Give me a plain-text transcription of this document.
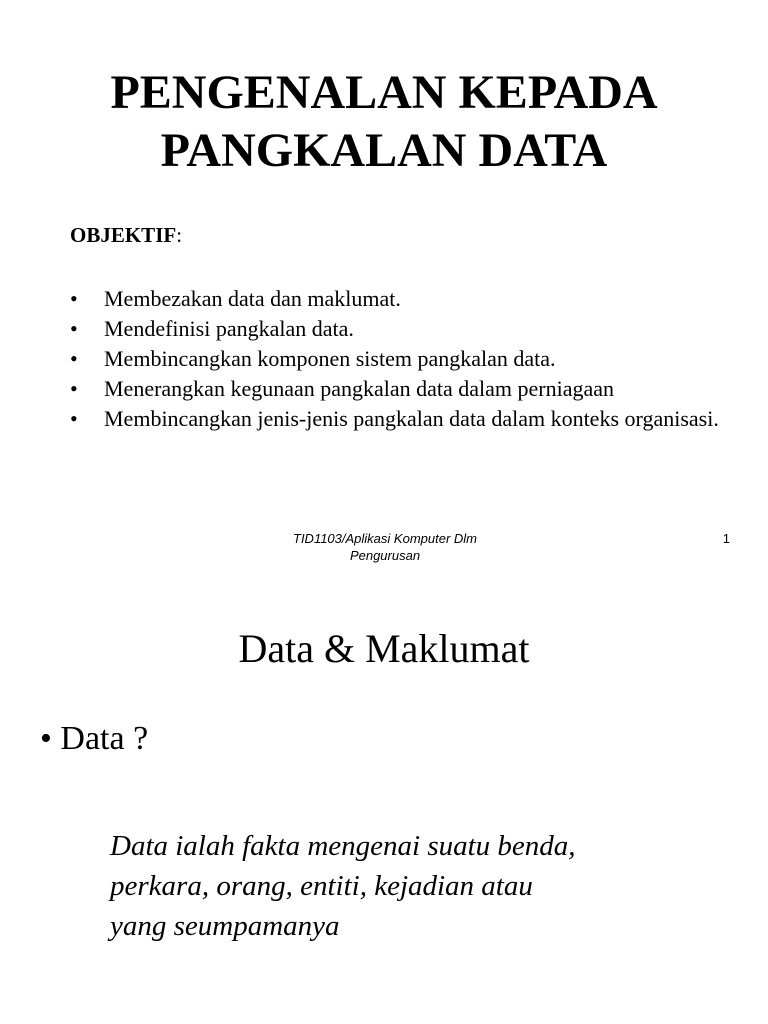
PENGENALAN KEPADA
PANGKALAN DATA
OBJEKTIF:
• Membezakan data dan maklumat.
• Mendefinisi pangkalan data.
• Membincangkan komponen sistem pangkalan data.
• Menerangkan kegunaan pangkalan data dalam perniagaan
• Membincangkan jenis-jenis pangkalan data dalam konteks organisasi.
TID1103/Aplikasi Komputer Dlm
Pengurusan
1
Data & Maklumat
• Data ?
Data ialah fakta mengenai suatu benda,
perkara, orang, entiti, kejadian atau
yang seumpamanya
